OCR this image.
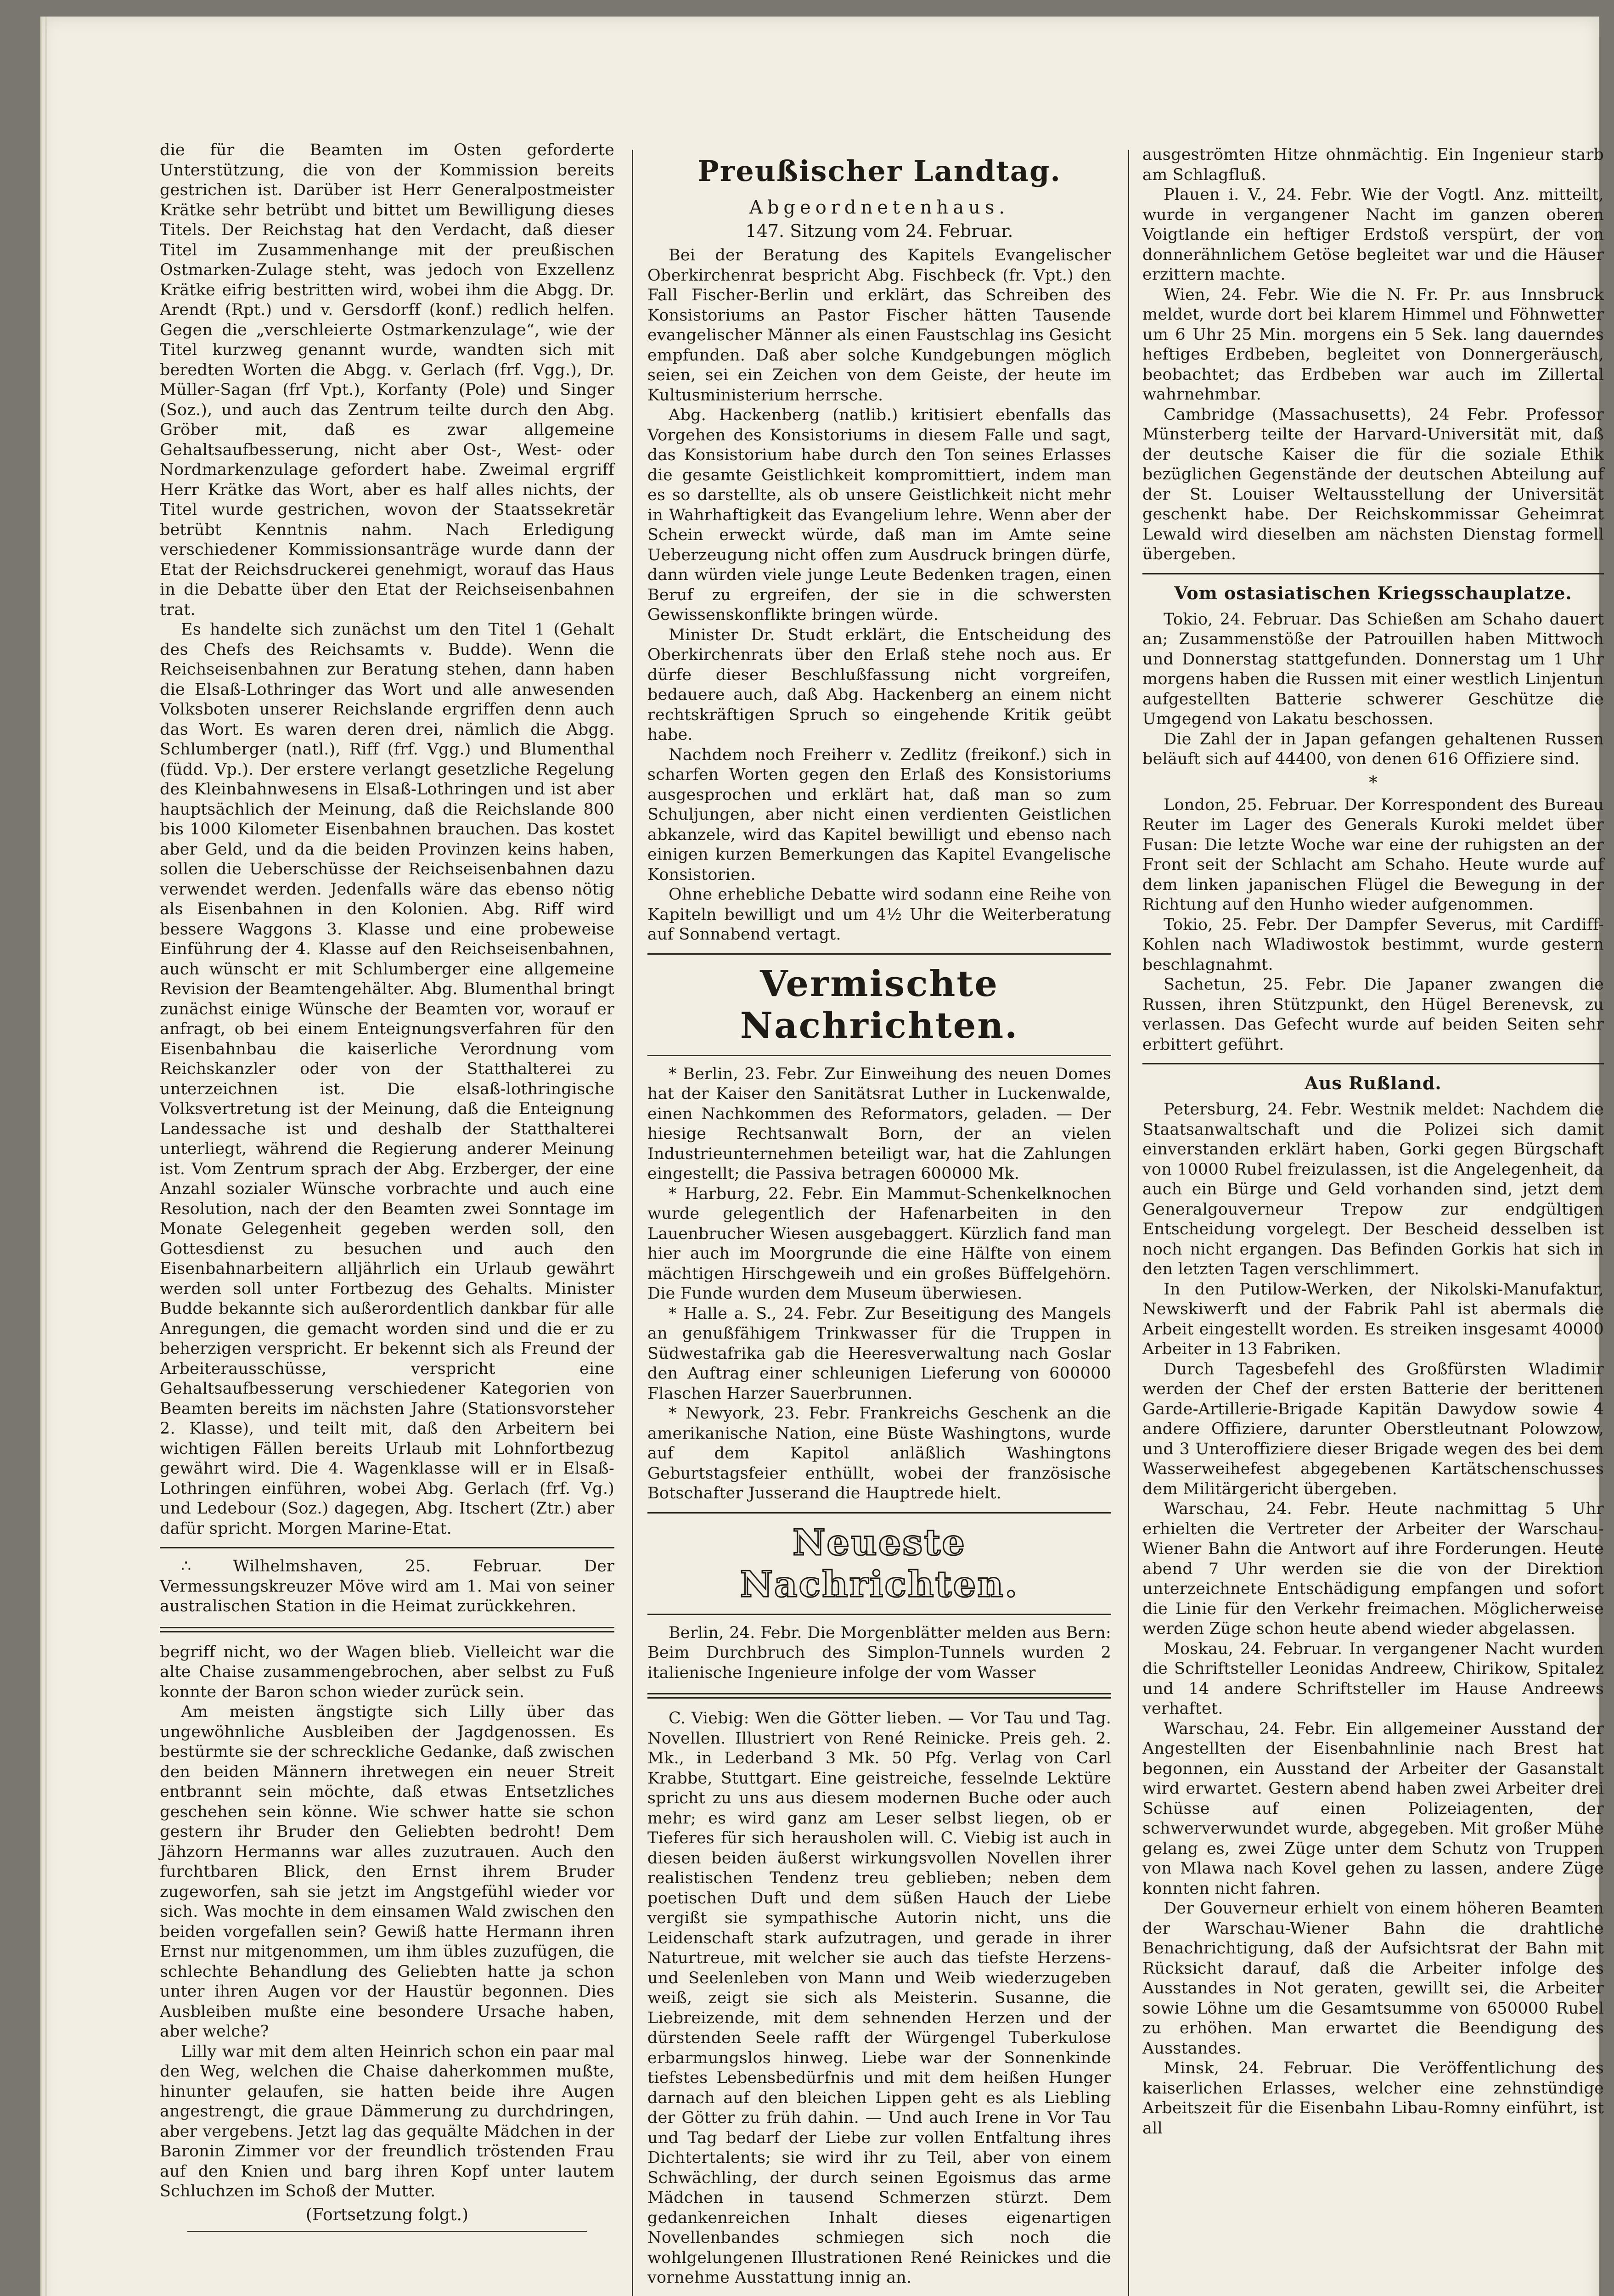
die für die Beamten im Osten geforderte Unterstützung, die von der Kommission bereits gestrichen ist. Darüber ist Herr Generalpostmeister Krätke sehr betrübt und bittet um Bewilligung dieses Titels. Der Reichstag hat den Verdacht, daß dieser Titel im Zusammenhange mit der preußischen Ostmarken-Zulage steht, was jedoch von Exzellenz Krätke eifrig bestritten wird, wobei ihm die Abgg. Dr. Arendt (Rpt.) und v. Gersdorff (konf.) redlich helfen. Gegen die „verschleierte Ostmarkenzulage“, wie der Titel kurzweg genannt wurde, wandten sich mit beredten Worten die Abgg. v. Gerlach (frf. Vgg.), Dr. Müller-Sagan (frf Vpt.), Korfanty (Pole) und Singer (Soz.), und auch das Zentrum teilte durch den Abg. Gröber mit, daß es zwar allgemeine Gehaltsaufbesserung, nicht aber Ost-, West- oder Nordmarkenzulage gefordert habe. Zweimal ergriff Herr Krätke das Wort, aber es half alles nichts, der Titel wurde gestrichen, wovon der Staatssekretär betrübt Kenntnis nahm. Nach Erledigung verschiedener Kommissionsanträge wurde dann der Etat der Reichsdruckerei genehmigt, worauf das Haus in die Debatte über den Etat der Reichseisenbahnen trat.

Es handelte sich zunächst um den Titel 1 (Gehalt des Chefs des Reichsamts v. Budde). Wenn die Reichseisenbahnen zur Beratung stehen, dann haben die Elsaß-Lothringer das Wort und alle anwesenden Volksboten unserer Reichslande ergriffen denn auch das Wort. Es waren deren drei, nämlich die Abgg. Schlumberger (natl.), Riff (frf. Vgg.) und Blumenthal (füdd. Vp.). Der erstere verlangt gesetzliche Regelung des Kleinbahnwesens in Elsaß-Lothringen und ist aber hauptsächlich der Meinung, daß die Reichslande 800 bis 1000 Kilometer Eisenbahnen brauchen. Das kostet aber Geld, und da die beiden Provinzen keins haben, sollen die Ueberschüsse der Reichseisenbahnen dazu verwendet werden. Jedenfalls wäre das ebenso nötig als Eisenbahnen in den Kolonien. Abg. Riff wird bessere Waggons 3. Klasse und eine probeweise Einführung der 4. Klasse auf den Reichseisenbahnen, auch wünscht er mit Schlumberger eine allgemeine Revision der Beamtengehälter. Abg. Blumenthal bringt zunächst einige Wünsche der Beamten vor, worauf er anfragt, ob bei einem Enteignungsverfahren für den Eisenbahnbau die kaiserliche Verordnung vom Reichskanzler oder von der Statthalterei zu unterzeichnen ist. Die elsaß-lothringische Volksvertretung ist der Meinung, daß die Enteignung Landessache ist und deshalb der Statthalterei unterliegt, während die Regierung anderer Meinung ist. Vom Zentrum sprach der Abg. Erzberger, der eine Anzahl sozialer Wünsche vorbrachte und auch eine Resolution, nach der den Beamten zwei Sonntage im Monate Gelegenheit gegeben werden soll, den Gottesdienst zu besuchen und auch den Eisenbahnarbeitern alljährlich ein Urlaub gewährt werden soll unter Fortbezug des Gehalts. Minister Budde bekannte sich außerordentlich dankbar für alle Anregungen, die gemacht worden sind und die er zu beherzigen verspricht. Er bekennt sich als Freund der Arbeiterausschüsse, verspricht eine Gehaltsaufbesserung verschiedener Kategorien von Beamten bereits im nächsten Jahre (Stationsvorsteher 2. Klasse), und teilt mit, daß den Arbeitern bei wichtigen Fällen bereits Urlaub mit Lohnfortbezug gewährt wird. Die 4. Wagenklasse will er in Elsaß-Lothringen einführen, wobei Abg. Gerlach (frf. Vg.) und Ledebour (Soz.) dagegen, Abg. Itschert (Ztr.) aber dafür spricht. Morgen Marine-Etat.

∴ Wilhelmshaven, 25. Februar. Der Vermessungskreuzer Möve wird am 1. Mai von seiner australischen Station in die Heimat zurückkehren.

begriff nicht, wo der Wagen blieb. Vielleicht war die alte Chaise zusammengebrochen, aber selbst zu Fuß konnte der Baron schon wieder zurück sein.

Am meisten ängstigte sich Lilly über das ungewöhnliche Ausbleiben der Jagdgenossen. Es bestürmte sie der schreckliche Gedanke, daß zwischen den beiden Männern ihretwegen ein neuer Streit entbrannt sein möchte, daß etwas Entsetzliches geschehen sein könne. Wie schwer hatte sie schon gestern ihr Bruder den Geliebten bedroht! Dem Jähzorn Hermanns war alles zuzutrauen. Auch den furchtbaren Blick, den Ernst ihrem Bruder zugeworfen, sah sie jetzt im Angstgefühl wieder vor sich. Was mochte in dem einsamen Wald zwischen den beiden vorgefallen sein? Gewiß hatte Hermann ihren Ernst nur mitgenommen, um ihm übles zuzufügen, die schlechte Behandlung des Geliebten hatte ja schon unter ihren Augen vor der Haustür begonnen. Dies Ausbleiben mußte eine besondere Ursache haben, aber welche?

Lilly war mit dem alten Heinrich schon ein paar mal den Weg, welchen die Chaise daherkommen mußte, hinunter gelaufen, sie hatten beide ihre Augen angestrengt, die graue Dämmerung zu durchdringen, aber vergebens. Jetzt lag das gequälte Mädchen in der Baronin Zimmer vor der freundlich tröstenden Frau auf den Knien und barg ihren Kopf unter lautem Schluchzen im Schoß der Mutter.

(Fortsetzung folgt.)
Preußischer Landtag.
Abgeordnetenhaus.
147. Sitzung vom 24. Februar.

Bei der Beratung des Kapitels Evangelischer Oberkirchenrat bespricht Abg. Fischbeck (fr. Vpt.) den Fall Fischer-Berlin und erklärt, das Schreiben des Konsistoriums an Pastor Fischer hätten Tausende evangelischer Männer als einen Faustschlag ins Gesicht empfunden. Daß aber solche Kundgebungen möglich seien, sei ein Zeichen von dem Geiste, der heute im Kultusministerium herrsche.

Abg. Hackenberg (natlib.) kritisiert ebenfalls das Vorgehen des Konsistoriums in diesem Falle und sagt, das Konsistorium habe durch den Ton seines Erlasses die gesamte Geistlichkeit kompromittiert, indem man es so darstellte, als ob unsere Geistlichkeit nicht mehr in Wahrhaftigkeit das Evangelium lehre. Wenn aber der Schein erweckt würde, daß man im Amte seine Ueberzeugung nicht offen zum Ausdruck bringen dürfe, dann würden viele junge Leute Bedenken tragen, einen Beruf zu ergreifen, der sie in die schwersten Gewissenskonflikte bringen würde.

Minister Dr. Studt erklärt, die Entscheidung des Oberkirchenrats über den Erlaß stehe noch aus. Er dürfe dieser Beschlußfassung nicht vorgreifen, bedauere auch, daß Abg. Hackenberg an einem nicht rechtskräftigen Spruch so eingehende Kritik geübt habe.

Nachdem noch Freiherr v. Zedlitz (freikonf.) sich in scharfen Worten gegen den Erlaß des Konsistoriums ausgesprochen und erklärt hat, daß man so zum Schuljungen, aber nicht einen verdienten Geistlichen abkanzele, wird das Kapitel bewilligt und ebenso nach einigen kurzen Bemerkungen das Kapitel Evangelische Konsistorien.

Ohne erhebliche Debatte wird sodann eine Reihe von Kapiteln bewilligt und um 4½ Uhr die Weiterberatung auf Sonnabend vertagt.

Vermischte Nachrichten.

* Berlin, 23. Febr. Zur Einweihung des neuen Domes hat der Kaiser den Sanitätsrat Luther in Luckenwalde, einen Nachkommen des Reformators, geladen. — Der hiesige Rechtsanwalt Born, der an vielen Industrieunternehmen beteiligt war, hat die Zahlungen eingestellt; die Passiva betragen 600000 Mk.

* Harburg, 22. Febr. Ein Mammut-Schenkelknochen wurde gelegentlich der Hafenarbeiten in den Lauenbrucher Wiesen ausgebaggert. Kürzlich fand man hier auch im Moorgrunde die eine Hälfte von einem mächtigen Hirschgeweih und ein großes Büffelgehörn. Die Funde wurden dem Museum überwiesen.

* Halle a. S., 24. Febr. Zur Beseitigung des Mangels an genußfähigem Trinkwasser für die Truppen in Südwestafrika gab die Heeresverwaltung nach Goslar den Auftrag einer schleunigen Lieferung von 600000 Flaschen Harzer Sauerbrunnen.

* Newyork, 23. Febr. Frankreichs Geschenk an die amerikanische Nation, eine Büste Washingtons, wurde auf dem Kapitol anläßlich Washingtons Geburtstagsfeier enthüllt, wobei der französische Botschafter Jusserand die Hauptrede hielt.

Neueste Nachrichten.

Berlin, 24. Febr. Die Morgenblätter melden aus Bern: Beim Durchbruch des Simplon-Tunnels wurden 2 italienische Ingenieure infolge der vom Wasser

C. Viebig: Wen die Götter lieben. — Vor Tau und Tag. Novellen. Illustriert von René Reinicke. Preis geh. 2. Mk., in Lederband 3 Mk. 50 Pfg. Verlag von Carl Krabbe, Stuttgart. Eine geistreiche, fesselnde Lektüre spricht zu uns aus diesem modernen Buche oder auch mehr; es wird ganz am Leser selbst liegen, ob er Tieferes für sich herausholen will. C. Viebig ist auch in diesen beiden äußerst wirkungsvollen Novellen ihrer realistischen Tendenz treu geblieben; neben dem poetischen Duft und dem süßen Hauch der Liebe vergißt sie sympathische Autorin nicht, uns die Leidenschaft stark aufzutragen, und gerade in ihrer Naturtreue, mit welcher sie auch das tiefste Herzens- und Seelenleben von Mann und Weib wiederzugeben weiß, zeigt sie sich als Meisterin. Susanne, die Liebreizende, mit dem sehnenden Herzen und der dürstenden Seele rafft der Würgengel Tuberkulose erbarmungslos hinweg. Liebe war der Sonnenkinde tiefstes Lebensbedürfnis und mit dem heißen Hunger darnach auf den bleichen Lippen geht es als Liebling der Götter zu früh dahin. — Und auch Irene in Vor Tau und Tag bedarf der Liebe zur vollen Entfaltung ihres Dichtertalents; sie wird ihr zu Teil, aber von einem Schwächling, der durch seinen Egoismus das arme Mädchen in tausend Schmerzen stürzt. Dem gedankenreichen Inhalt dieses eigenartigen Novellenbandes schmiegen sich noch die wohlgelungenen Illustrationen René Reinickes und die vornehme Ausstattung innig an.

ausgeströmten Hitze ohnmächtig. Ein Ingenieur starb am Schlagfluß.

Plauen i. V., 24. Febr. Wie der Vogtl. Anz. mitteilt, wurde in vergangener Nacht im ganzen oberen Voigtlande ein heftiger Erdstoß verspürt, der von donnerähnlichem Getöse begleitet war und die Häuser erzittern machte.

Wien, 24. Febr. Wie die N. Fr. Pr. aus Innsbruck meldet, wurde dort bei klarem Himmel und Föhnwetter um 6 Uhr 25 Min. morgens ein 5 Sek. lang dauerndes heftiges Erdbeben, begleitet von Donnergeräusch, beobachtet; das Erdbeben war auch im Zillertal wahrnehmbar.

Cambridge (Massachusetts), 24 Febr. Professor Münsterberg teilte der Harvard-Universität mit, daß der deutsche Kaiser die für die soziale Ethik bezüglichen Gegenstände der deutschen Abteilung auf der St. Louiser Weltausstellung der Universität geschenkt habe. Der Reichskommissar Geheimrat Lewald wird dieselben am nächsten Dienstag formell übergeben.

Vom ostasiatischen Kriegsschauplatze.

Tokio, 24. Februar. Das Schießen am Schaho dauert an; Zusammenstöße der Patrouillen haben Mittwoch und Donnerstag stattgefunden. Donnerstag um 1 Uhr morgens haben die Russen mit einer westlich Linjentun aufgestellten Batterie schwerer Geschütze die Umgegend von Lakatu beschossen.

Die Zahl der in Japan gefangen gehaltenen Russen beläuft sich auf 44400, von denen 616 Offiziere sind.

*

London, 25. Februar. Der Korrespondent des Bureau Reuter im Lager des Generals Kuroki meldet über Fusan: Die letzte Woche war eine der ruhigsten an der Front seit der Schlacht am Schaho. Heute wurde auf dem linken japanischen Flügel die Bewegung in der Richtung auf den Hunho wieder aufgenommen.

Tokio, 25. Febr. Der Dampfer Severus, mit Cardiff-Kohlen nach Wladiwostok bestimmt, wurde gestern beschlagnahmt.

Sachetun, 25. Febr. Die Japaner zwangen die Russen, ihren Stützpunkt, den Hügel Berenevsk, zu verlassen. Das Gefecht wurde auf beiden Seiten sehr erbittert geführt.

Aus Rußland.

Petersburg, 24. Febr. Westnik meldet: Nachdem die Staatsanwaltschaft und die Polizei sich damit einverstanden erklärt haben, Gorki gegen Bürgschaft von 10000 Rubel freizulassen, ist die Angelegenheit, da auch ein Bürge und Geld vorhanden sind, jetzt dem Generalgouverneur Trepow zur endgültigen Entscheidung vorgelegt. Der Bescheid desselben ist noch nicht ergangen. Das Befinden Gorkis hat sich in den letzten Tagen verschlimmert.

In den Putilow-Werken, der Nikolski-Manufaktur, Newskiwerft und der Fabrik Pahl ist abermals die Arbeit eingestellt worden. Es streiken insgesamt 40000 Arbeiter in 13 Fabriken.

Durch Tagesbefehl des Großfürsten Wladimir werden der Chef der ersten Batterie der berittenen Garde-Artillerie-Brigade Kapitän Dawydow sowie 4 andere Offiziere, darunter Oberstleutnant Polowzow, und 3 Unteroffiziere dieser Brigade wegen des bei dem Wasserweihefest abgegebenen Kartätschenschusses dem Militärgericht übergeben.

Warschau, 24. Febr. Heute nachmittag 5 Uhr erhielten die Vertreter der Arbeiter der Warschau-Wiener Bahn die Antwort auf ihre Forderungen. Heute abend 7 Uhr werden sie die von der Direktion unterzeichnete Entschädigung empfangen und sofort die Linie für den Verkehr freimachen. Möglicherweise werden Züge schon heute abend wieder abgelassen.

Moskau, 24. Februar. In vergangener Nacht wurden die Schriftsteller Leonidas Andreew, Chirikow, Spitalez und 14 andere Schriftsteller im Hause Andreews verhaftet.

Warschau, 24. Febr. Ein allgemeiner Ausstand der Angestellten der Eisenbahnlinie nach Brest hat begonnen, ein Ausstand der Arbeiter der Gasanstalt wird erwartet. Gestern abend haben zwei Arbeiter drei Schüsse auf einen Polizeiagenten, der schwerverwundet wurde, abgegeben. Mit großer Mühe gelang es, zwei Züge unter dem Schutz von Truppen von Mlawa nach Kovel gehen zu lassen, andere Züge konnten nicht fahren.

Der Gouverneur erhielt von einem höheren Beamten der Warschau-Wiener Bahn die drahtliche Benachrichtigung, daß der Aufsichtsrat der Bahn mit Rücksicht darauf, daß die Arbeiter infolge des Ausstandes in Not geraten, gewillt sei, die Arbeiter sowie Löhne um die Gesamtsumme von 650000 Rubel zu erhöhen. Man erwartet die Beendigung des Ausstandes.

Minsk, 24. Februar. Die Veröffentlichung des kaiserlichen Erlasses, welcher eine zehnstündige Arbeitszeit für die Eisenbahn Libau-Romny einführt, ist all
